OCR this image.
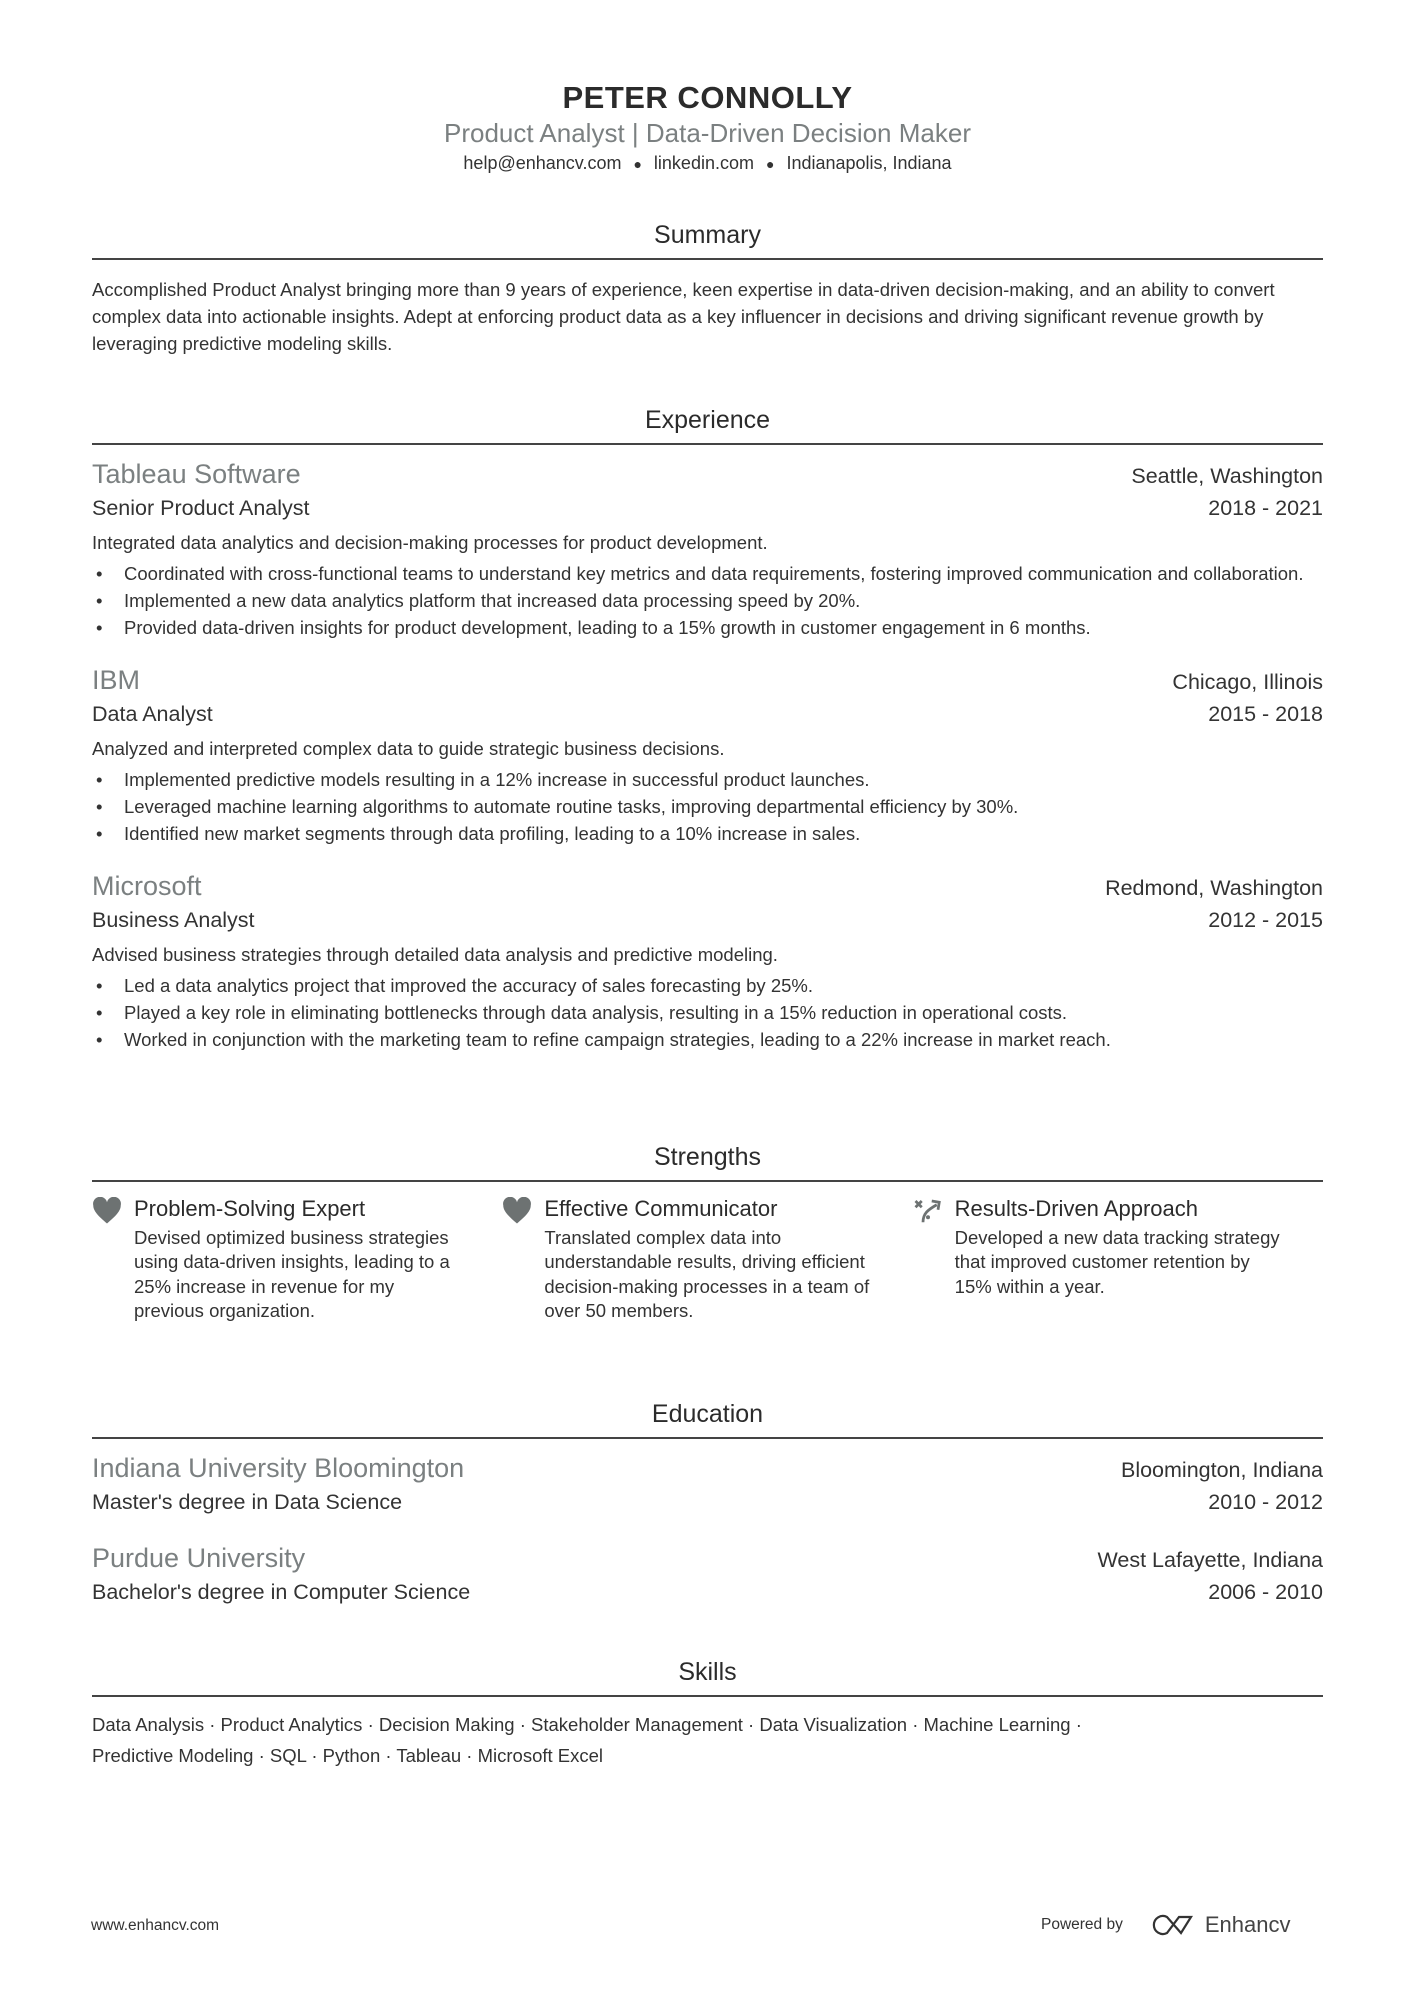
PETER CONNOLLY
Product Analyst | Data-Driven Decision Maker
help@enhancv.com ● linkedin.com ● Indianapolis, Indiana
Summary
Accomplished Product Analyst bringing more than 9 years of experience, keen expertise in data-driven decision-making, and an ability to convert complex data into actionable insights. Adept at enforcing product data as a key influencer in decisions and driving significant revenue growth by leveraging predictive modeling skills.
Experience
Tableau Software	Seattle, Washington
Senior Product Analyst	2018 - 2021
Integrated data analytics and decision-making processes for product development.
• Coordinated with cross-functional teams to understand key metrics and data requirements, fostering improved communication and collaboration.
• Implemented a new data analytics platform that increased data processing speed by 20%.
• Provided data-driven insights for product development, leading to a 15% growth in customer engagement in 6 months.
IBM	Chicago, Illinois
Data Analyst	2015 - 2018
Analyzed and interpreted complex data to guide strategic business decisions.
• Implemented predictive models resulting in a 12% increase in successful product launches.
• Leveraged machine learning algorithms to automate routine tasks, improving departmental efficiency by 30%.
• Identified new market segments through data profiling, leading to a 10% increase in sales.
Microsoft	Redmond, Washington
Business Analyst	2012 - 2015
Advised business strategies through detailed data analysis and predictive modeling.
• Led a data analytics project that improved the accuracy of sales forecasting by 25%.
• Played a key role in eliminating bottlenecks through data analysis, resulting in a 15% reduction in operational costs.
• Worked in conjunction with the marketing team to refine campaign strategies, leading to a 22% increase in market reach.
Strengths
Problem-Solving Expert
Devised optimized business strategies using data-driven insights, leading to a 25% increase in revenue for my previous organization.
Effective Communicator
Translated complex data into understandable results, driving efficient decision-making processes in a team of over 50 members.
Results-Driven Approach
Developed a new data tracking strategy that improved customer retention by 15% within a year.
Education
Indiana University Bloomington	Bloomington, Indiana
Master's degree in Data Science	2010 - 2012
Purdue University	West Lafayette, Indiana
Bachelor's degree in Computer Science	2006 - 2010
Skills
Data Analysis · Product Analytics · Decision Making · Stakeholder Management · Data Visualization · Machine Learning ·
Predictive Modeling · SQL · Python · Tableau · Microsoft Excel
www.enhancv.com	Powered by	Enhancv
